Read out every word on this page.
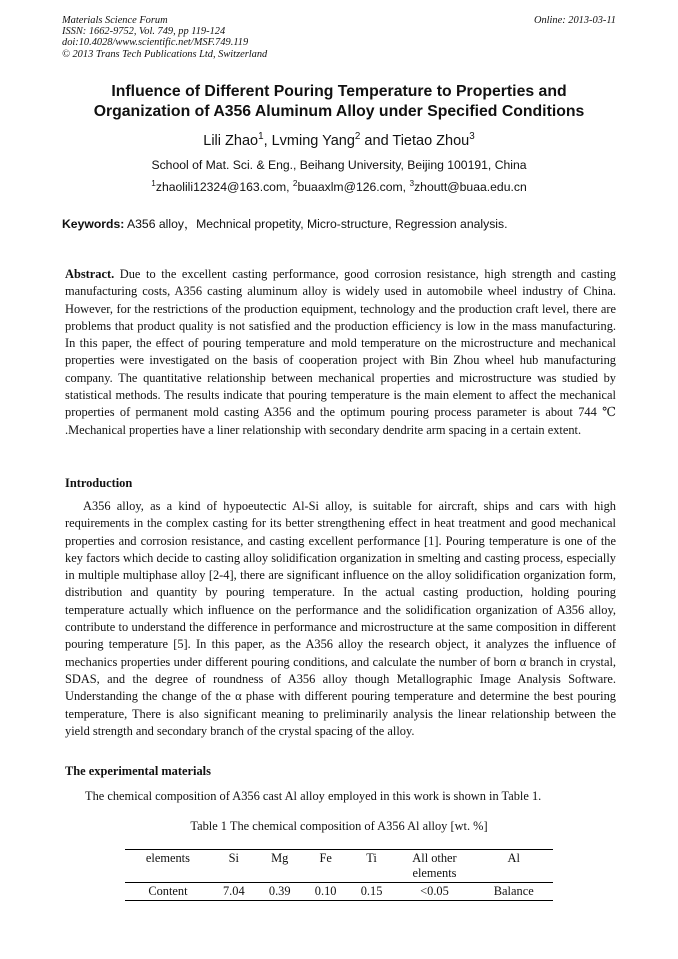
Materials Science Forum
ISSN: 1662-9752, Vol. 749, pp 119-124
doi:10.4028/www.scientific.net/MSF.749.119
© 2013 Trans Tech Publications Ltd, Switzerland
Online: 2013-03-11
Influence of Different Pouring Temperature to Properties and
Organization of A356 Aluminum Alloy under Specified Conditions
Lili Zhao$^1$, Lvming Yang$^2$ and Tietao Zhou$^3$
School of Mat. Sci. & Eng., Beihang University, Beijing 100191, China
$^1$zhaolili12324@163.com, $^2$buaaxlm@126.com, $^3$zhoutt@buaa.edu.cn
Keywords: A356 alloy，Mechnical propetity, Micro-structure, Regression analysis.
Abstract. Due to the excellent casting performance, good corrosion resistance, high strength and casting manufacturing costs, A356 casting aluminum alloy is widely used in automobile wheel industry of China. However, for the restrictions of the production equipment, technology and the production craft level, there are problems that product quality is not satisfied and the production efficiency is low in the mass manufacturing. In this paper, the effect of pouring temperature and mold temperature on the microstructure and mechanical properties were investigated on the basis of cooperation project with Bin Zhou wheel hub manufacturing company. The quantitative relationship between mechanical properties and microstructure was studied by statistical methods. The results indicate that pouring temperature is the main element to affect the mechanical properties of permanent mold casting A356 and the optimum pouring process parameter is about 744 ℃ .Mechanical properties have a liner relationship with secondary dendrite arm spacing in a certain extent.
Introduction
A356 alloy, as a kind of hypoeutectic Al-Si alloy, is suitable for aircraft, ships and cars with high requirements in the complex casting for its better strengthening effect in heat treatment and good mechanical properties and corrosion resistance, and casting excellent performance [1]. Pouring temperature is one of the key factors which decide to casting alloy solidification organization in smelting and casting process, especially in multiple multiphase alloy [2-4], there are significant influence on the alloy solidification organization form, distribution and quantity by pouring temperature. In the actual casting production, holding pouring temperature actually which influence on the performance and the solidification organization of A356 alloy, contribute to understand the difference in performance and microstructure at the same composition in different pouring temperature [5]. In this paper, as the A356 alloy the research object, it analyzes the influence of mechanics properties under different pouring conditions, and calculate the number of born α branch in crystal, SDAS, and the degree of roundness of A356 alloy though Metallographic Image Analysis Software. Understanding the change of the α phase with different pouring temperature and determine the best pouring temperature, There is also significant meaning to preliminarily analysis the linear relationship between the yield strength and secondary branch of the crystal spacing of the alloy.
The experimental materials
The chemical composition of A356 cast Al alloy employed in this work is shown in Table 1.
Table 1 The chemical composition of A356 Al alloy [wt. %]
elements	Si	Mg	Fe	Ti	All other elements	Al
Content	7.04	0.39	0.10	0.15	<0.05	Balance
